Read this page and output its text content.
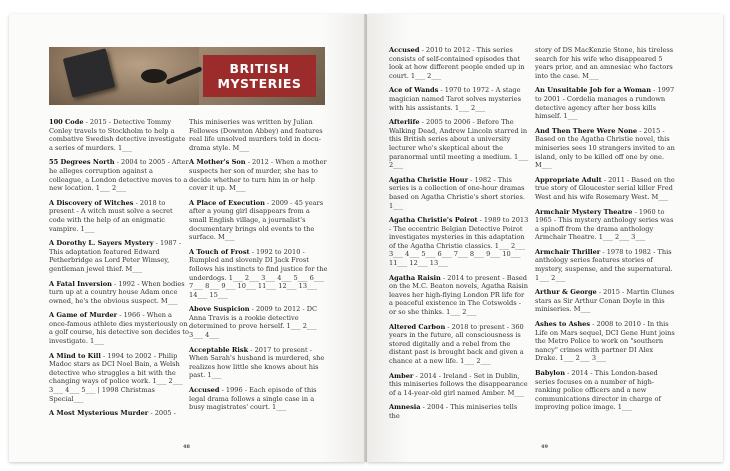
BRITISH
MYSTERIES
100 Code - 2015 - Detective Tommy Conley travels to Stockholm to help a combative Swedish detective investigate a series of murders. 1___
55 Degrees North - 2004 to 2005 - After he alleges corruption against a colleague, a London detective moves to a new location. 1___ 2___
A Discovery of Witches - 2018 to present - A witch must solve a secret code with the help of an enigmatic vampire. 1___
A Dorothy L. Sayers Mystery - 1987 - This adaptation featured Edward Petherbridge as Lord Peter Wimsey, gentleman jewel thief. M___
A Fatal Inversion - 1992 - When bodies turn up at a country house Adam once owned, he's the obvious suspect. M___
A Game of Murder - 1966 - When a once-famous athlete dies mysteriously on a golf course, his detective son decides to investigate. 1___
A Mind to Kill - 1994 to 2002 - Philip Madoc stars as DCI Noel Bain, a Welsh detective who struggles a bit with the changing ways of police work. 1___ 2___ 3___ 4___ 5___ | 1998 Christmas Special___
A Most Mysterious Murder - 2005 -
This miniseries was written by Julian Fellowes (Downton Abbey) and features real life unsolved murders told in docu-drama style. M___
A Mother's Son - 2012 - When a mother suspects her son of murder, she has to decide whether to turn him in or help cover it up. M___
A Place of Execution - 2009 - 45 years after a young girl disappears from a small English village, a journalist's documentary brings old events to the surface. M___
A Touch of Frost - 1992 to 2010 - Rumpled and slovenly DI Jack Frost follows his instincts to find justice for the underdogs. 1___ 2___ 3___ 4___ 5___ 6___ 7___ 8___ 9___ 10___ 11___ 12___ 13___ 14___ 15___
Above Suspicion - 2009 to 2012 - DC Anna Travis is a rookie detective determined to prove herself. 1___ 2___ 3___ 4___
Acceptable Risk - 2017 to present - When Sarah's husband is murdered, she realizes how little she knows about his past. 1___
Accused - 1996 - Each episode of this legal drama follows a single case in a busy magistrates' court. 1___
48
Accused - 2010 to 2012 - This series consists of self-contained episodes that look at how different people ended up in court. 1___ 2___
Ace of Wands - 1970 to 1972 - A stage magician named Tarot solves mysteries with his assistants. 1___ 2___
Afterlife - 2005 to 2006 - Before The Walking Dead, Andrew Lincoln starred in this British series about a university lecturer who's skeptical about the paranormal until meeting a medium. 1___ 2___
Agatha Christie Hour - 1982 - This series is a collection of one-hour dramas based on Agatha Christie's short stories. 1___
Agatha Christie's Poirot - 1989 to 2013 - The eccentric Belgian Detective Poirot investigates mysteries in this adaptation of the Agatha Christie classics. 1___ 2___ 3___ 4___ 5___ 6___ 7___ 8___ 9___ 10___ 11___ 12___ 13___
Agatha Raisin - 2014 to present - Based on the M.C. Beaton novels, Agatha Raisin leaves her high-flying London PR life for a peaceful existence in The Cotswolds - or so she thinks. 1___ 2___
Altered Carbon - 2018 to present - 360 years in the future, all consciousness is stored digitally and a rebel from the distant past is brought back and given a chance at a new life. 1___ 2___
Amber - 2014 - Ireland - Set in Dublin, this miniseries follows the disappearance of a 14-year-old girl named Amber. M___
Amnesia - 2004 - This miniseries tells the
story of DS MacKenzie Stone, his tireless search for his wife who disappeared 5 years prior, and an amnesiac who factors into the case. M___
An Unsuitable Job for a Woman - 1997 to 2001 - Cordelia manages a rundown detective agency after her boss kills himself. 1___
And Then There Were None - 2015 - Based on the Agatha Christie novel, this miniseries sees 10 strangers invited to an island, only to be killed off one by one. M___
Appropriate Adult - 2011 - Based on the true story of Gloucester serial killer Fred West and his wife Rosemary West. M___
Armchair Mystery Theatre - 1960 to 1965 - This mystery anthology series was a spinoff from the drama anthology Armchair Theatre. 1___ 2___ 3___
Armchair Thriller - 1978 to 1982 - This anthology series features stories of mystery, suspense, and the supernatural. 1___ 2___
Arthur & George - 2015 - Martin Clunes stars as Sir Arthur Conan Doyle in this miniseries. M___
Ashes to Ashes - 2008 to 2010 - In this Life on Mars sequel, DCI Gene Hunt joins the Metro Police to work on "southern nancy" crimes with partner DI Alex Drake. 1___ 2___ 3___
Babylon - 2014 - This London-based series focuses on a number of high-ranking police officers and a new communications director in charge of improving police image. 1___
49
